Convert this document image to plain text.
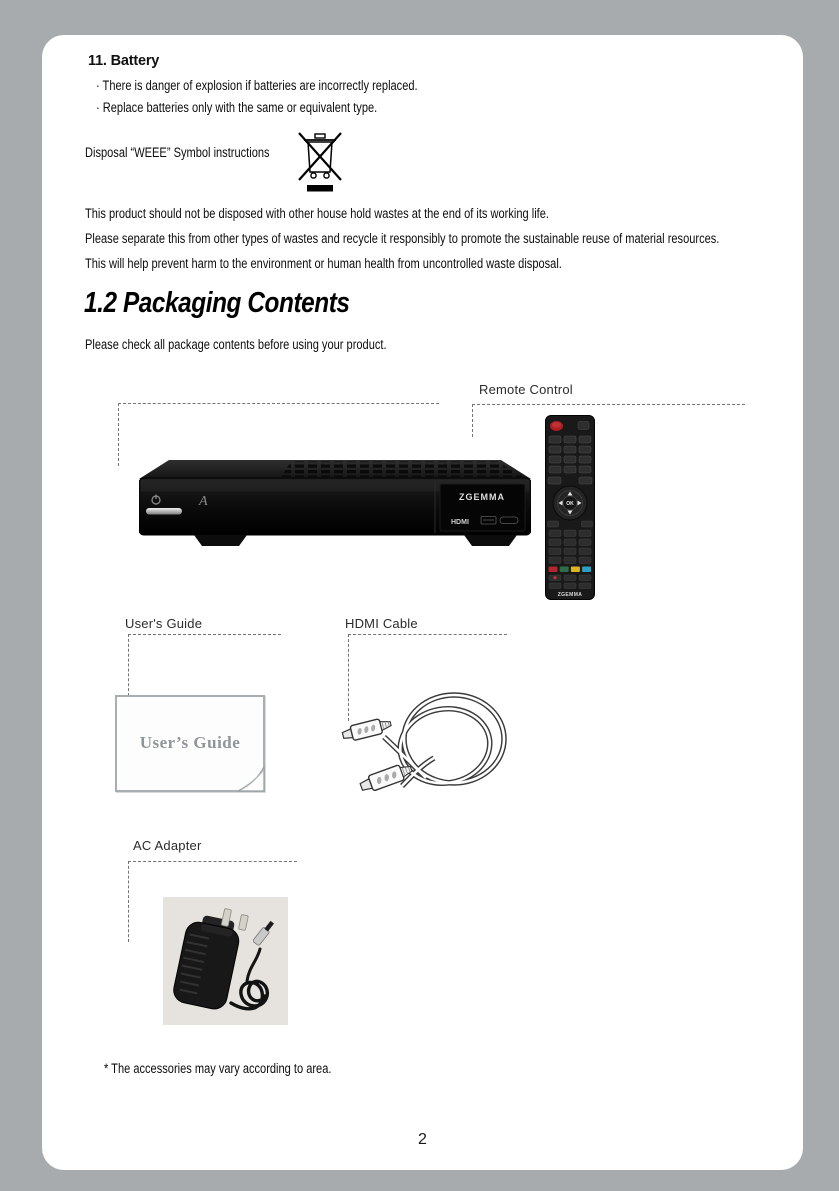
11. Battery
· There is danger of explosion if batteries are incorrectly replaced.
· Replace batteries only with the same or equivalent type.
Disposal “WEEE” Symbol instructions
This product should not be disposed with other house hold wastes at the end of its working life.
Please separate this from other types of wastes and recycle it responsibly to promote the sustainable reuse of material resources.
This will help prevent harm to the environment or human health from uncontrolled waste disposal.
1.2 Packaging Contents
Please check all package contents before using your product.
Remote Control
ZGEMMA
HDMI
A	OK
ZGEMMA
User's Guide	HDMI Cable
User’s Guide
AC Adapter
* The accessories may vary according to area.
2
